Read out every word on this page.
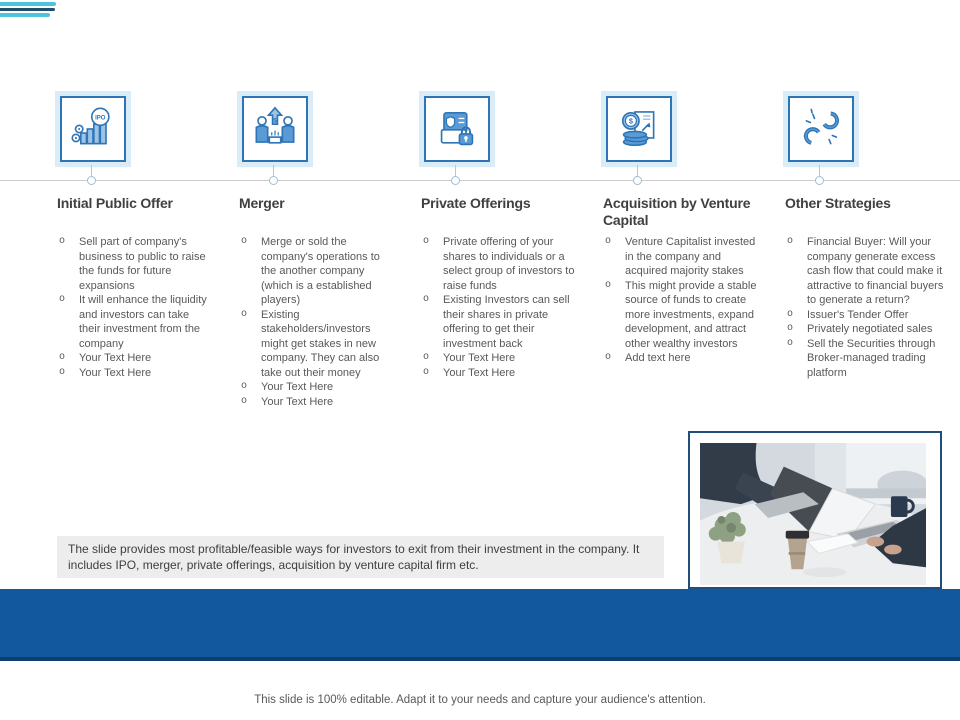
IPO	$	$
Initial Public Offer
o Sell part of company's business to public to raise the funds for future expansions
o It will enhance the liquidity and investors can take their investment from the company
o Your Text Here
o Your Text Here
Merger
o Merge or sold the company's operations to the another company (which is a established players)
o Existing stakeholders/investors might get stakes in new company. They can also take out their money
o Your Text Here
o Your Text Here
Private Offerings
o Private offering of your shares to individuals or a select group of investors to raise funds
o Existing Investors can sell their shares in private offering to get their investment back
o Your Text Here
o Your Text Here
Acquisition by Venture Capital
o Venture Capitalist invested in the company and acquired majority stakes
o This might provide a stable source of funds to create more investments, expand development, and attract other wealthy investors
o Add text here
Other Strategies
o Financial Buyer: Will your company generate excess cash flow that could make it attractive to financial buyers to generate a return?
o Issuer's Tender Offer
o Privately negotiated sales
o Sell the Securities through Broker-managed trading platform

The slide provides most profitable/feasible ways for investors to exit from their investment in the company. It includes IPO, merger, private offerings, acquisition by venture capital firm etc.

This slide is 100% editable. Adapt it to your needs and capture your audience's attention.
